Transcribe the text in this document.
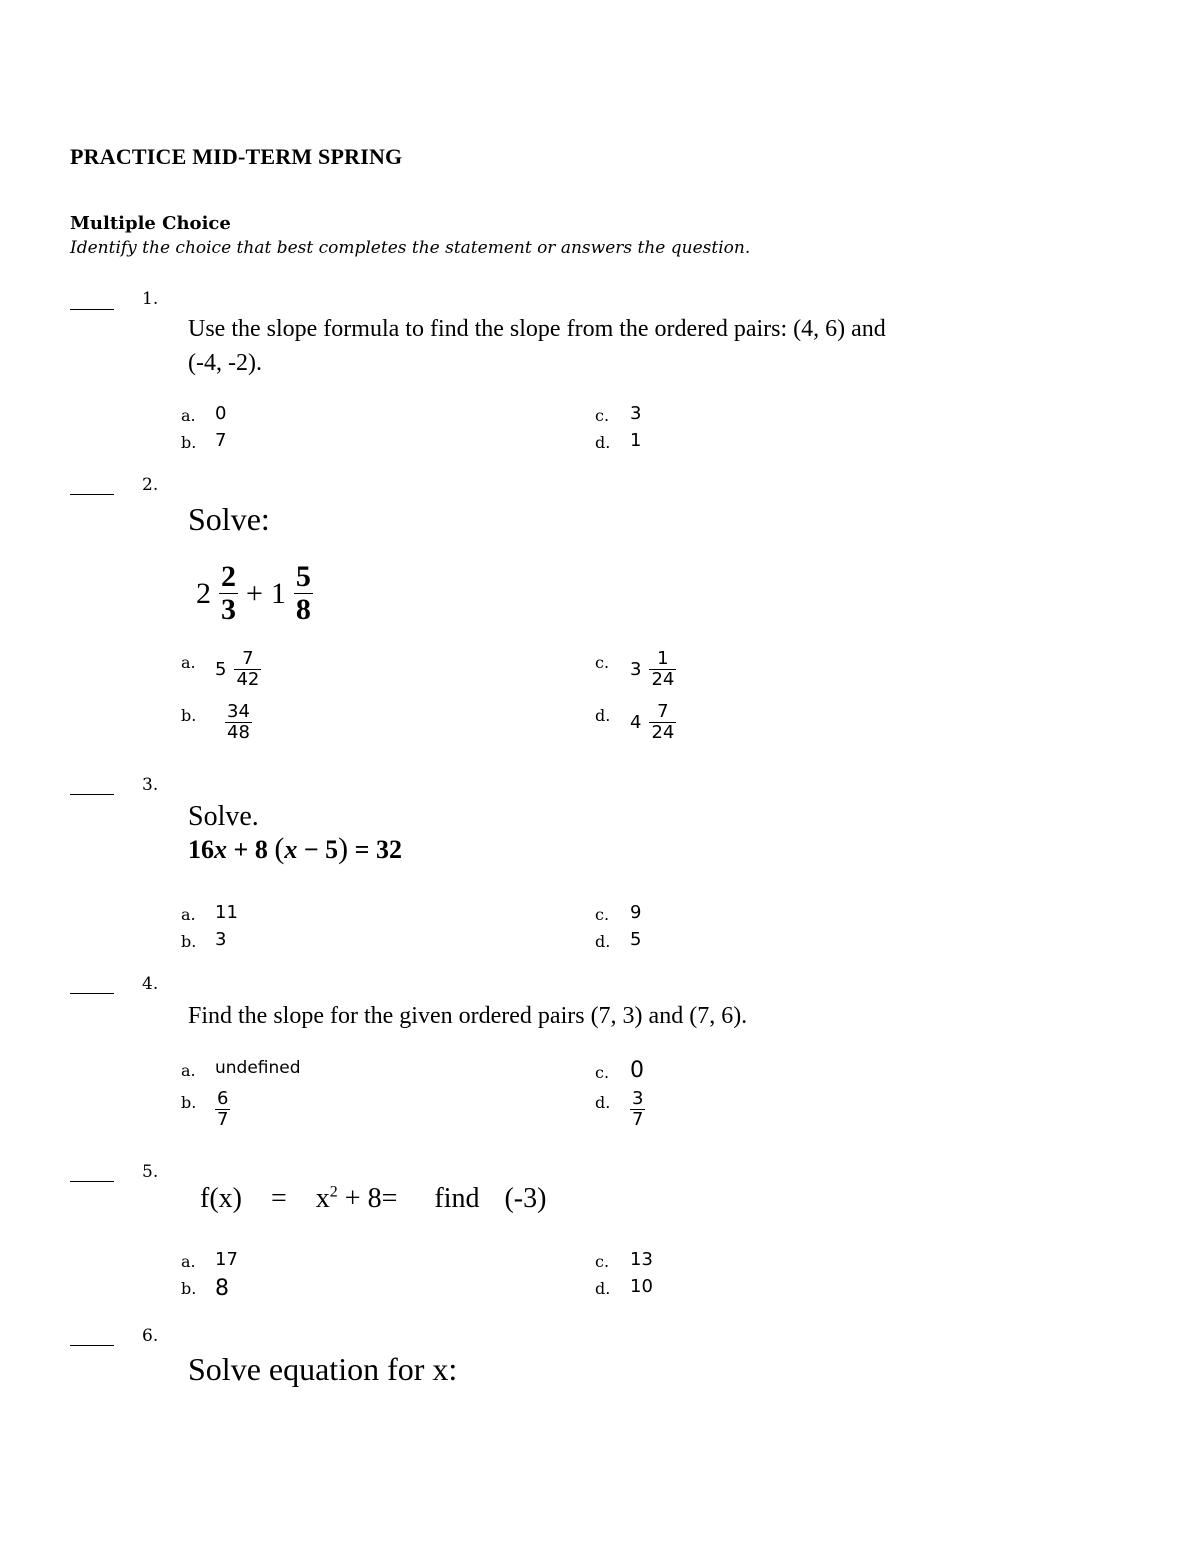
PRACTICE MID-TERM SPRING
Multiple Choice
Identify the choice that best completes the statement or answers the question.
1.
Use the slope formula to find the slope from the ordered pairs: (4, 6) and
(-4, -2).
a. 0
b. 7
c. 3
d. 1
2.
Solve:
$2 \frac{2}{3} + 1 \frac{5}{8}$
a. $5 \frac{7}{42}$
b. $\frac{34}{48}$
c. $3 \frac{1}{24}$
d. $4 \frac{7}{24}$
3.
Solve.
16x + 8 (x − 5) = 32
a. 11
b. 3
c. 9
d. 5
4.
Find the slope for the given ordered pairs (7, 3) and (7, 6).
a. undefined
b. $\frac{6}{7}$
c. 0
d. $\frac{3}{7}$
5.
$f(x) = x^2 + 8=$ find (-3)
a. 17
b. 8
c. 13
d. 10
6.
Solve equation for x:
